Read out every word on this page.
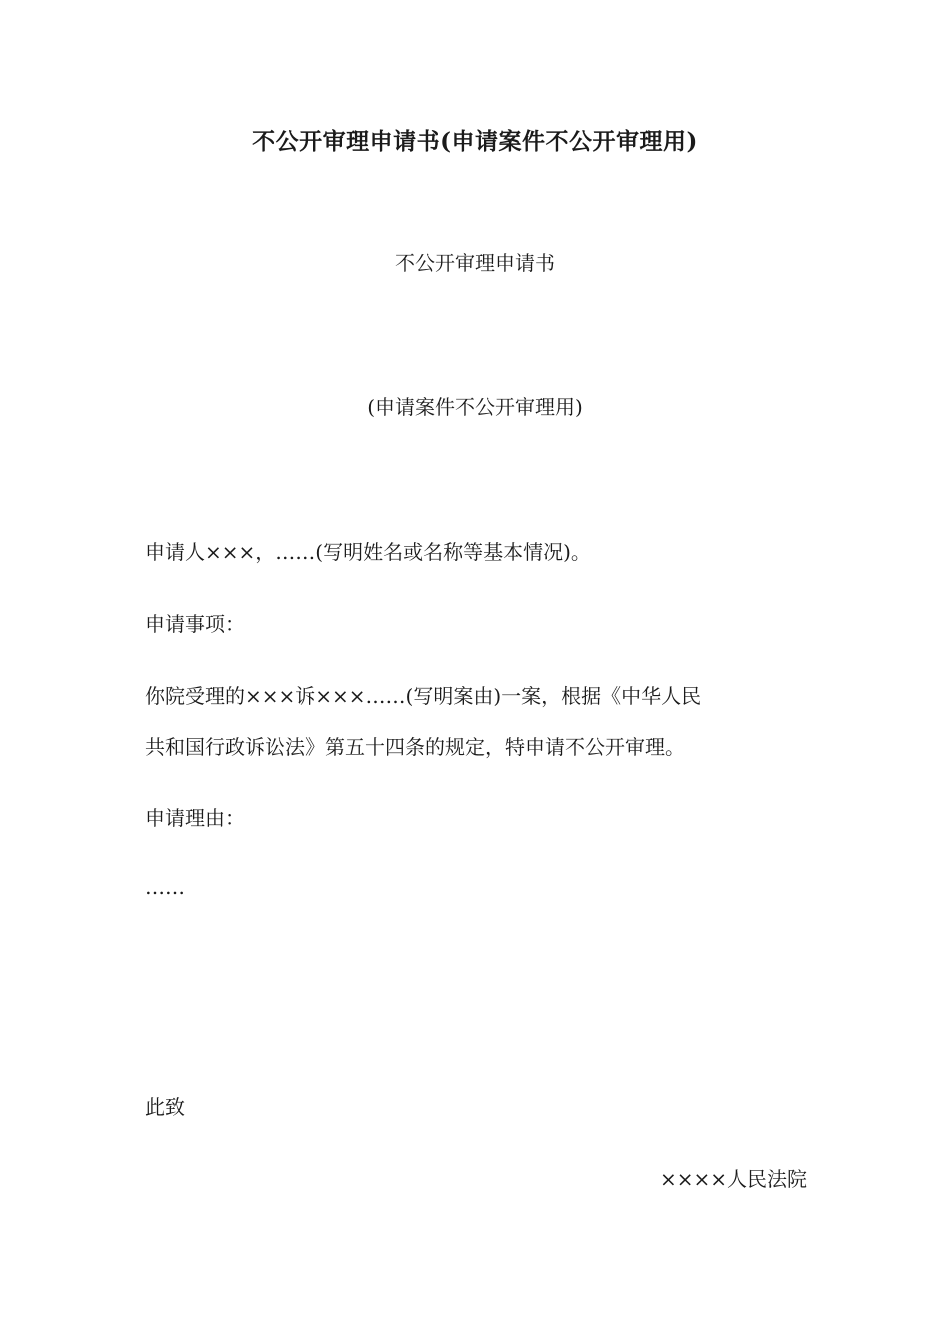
不公开审理申请书(申请案件不公开审理用)
不公开审理申请书
(申请案件不公开审理用)

申请人×××，……(写明姓名或名称等基本情况)。

申请事项：

你院受理的×××诉×××……(写明案由)一案，根据《中华人民

共和国行政诉讼法》第五十四条的规定，特申请不公开审理。

申请理由：

……

此致

××××人民法院
